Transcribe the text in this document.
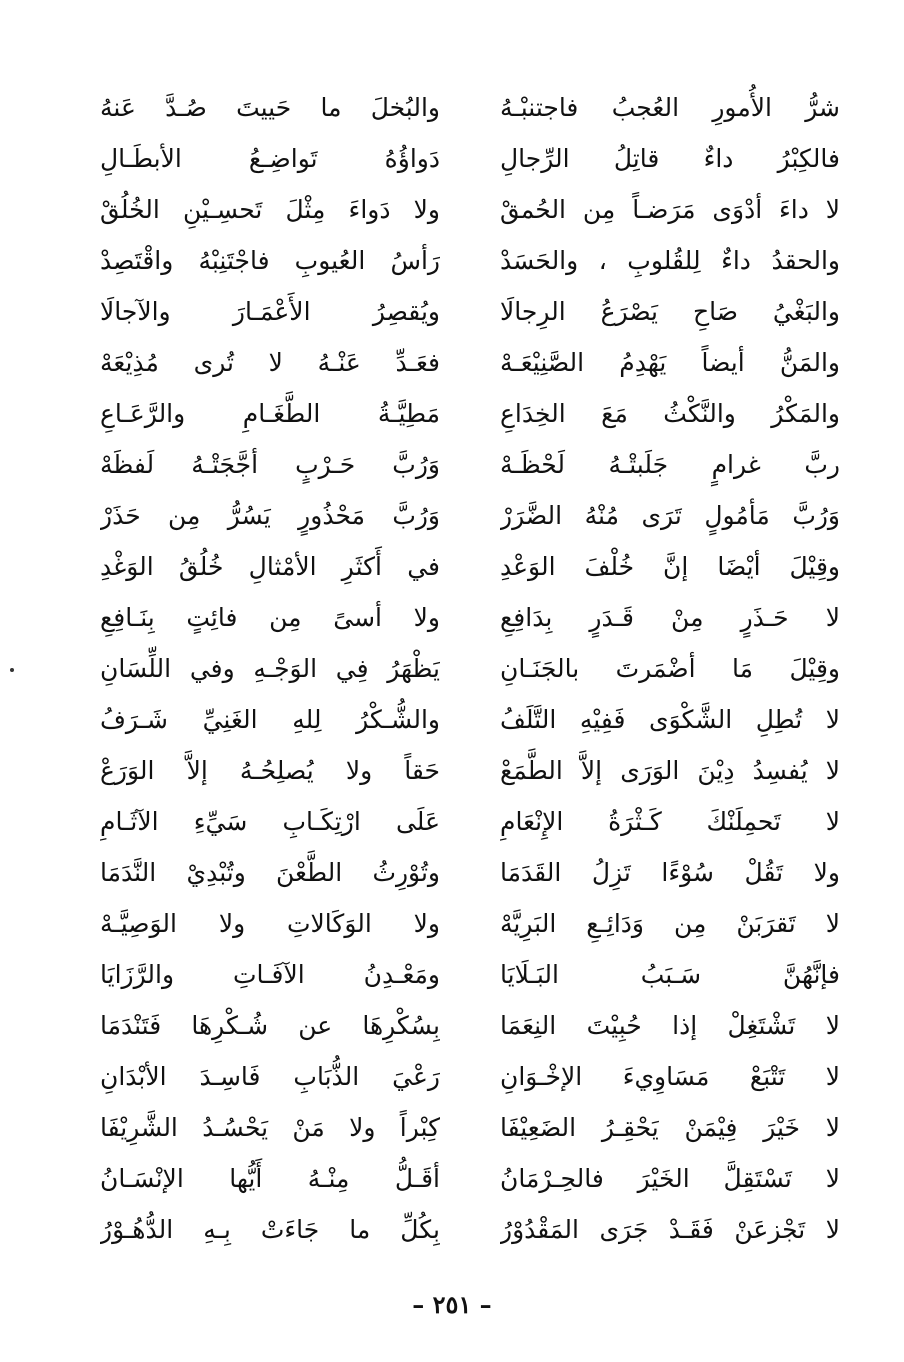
شرُّ الأُمورِ العُجبُ فاجتنبْـهُ
والبُخلَ ما حَييتَ صُـدَّ عَنهُ
فالكِبْرُ داءٌ قاتِلُ الرِّجالِ
دَواؤُهُ تَواضِـعُ الأبطَـالِ
لا داءَ أدْوَى مَرَضـاً مِن الحُمقْ
ولا دَواءَ مِثْلَ تَحسِـيْنِ الخُلُقْ
والحقدُ داءٌ لِلقُلوبِ ، والحَسَدْ
رَأسُ العُيوبِ فاجْتَنِبْهُ واقْتَصِدْ
والبَغْيُ صَاحِ يَصْرَعُ الرِجالَا
ويُقصِرُ الأَعْمَـارَ والآجالَا
والمَنُّ أيضاً يَهْدِمُ الصَّنِيْعَـهْ
فعَـدِّ عَنْـهُ لا تُرى مُذِيْعَهْ
والمَكْرُ والنَّكْثُ مَعَ الخِدَاعِ
مَطِيَّـةُ الطَّغَـامِ والرَّعَـاعِ
ربَّ غرامٍ جَلَبتْـهُ لَحْظَـهْ
وَرُبَّ حَـرْبٍ أجَّجَتْـهُ لَفظَهْ
وَرُبَّ مَأمُولٍ تَرَى مُنْهُ الضَّرَرْ
وَرُبَّ مَحْذُورٍ يَسُرُّ مِن حَذَرْ
وقِيْلَ أيْضَا إنَّ خُلْفَ الوَعْدِ
في أَكثَرِ الأمْثالِ خُلُقُ الوَغْدِ
لا حَـذَرٍ مِنْ قَـدَرٍ بِدَافِعِ
ولا أسىً مِن فائِتٍ بِنَـافِعِ
وقِيْلَ مَا أضْمَرتَ بالجَنَـانِ
يَظْهَرُ فِي الوَجْـهِ وفي اللِّسَانِ
لا تُطِلِ الشَّكْوَى فَفِيْهِ التَّلَفُ
والشُّـكْرُ لِلهِ الغَنِيِّ شَـرَفُ
لا يُفسِدُ دِيْنَ الوَرَى إلاَّ الطَّمَعْ
حَقاً ولا يُصلِحُـهُ إلاَّ الوَرَعْ
لا تَحمِلَنْكَ كَـثْرَةُ الإِنْعَامِ
عَلَى ارْتِكَـابِ سَيِّءِ الآثَـامِ
ولا تَقُلْ سُوْءًا تَزِلُ القَدَمَا
وتُوْرِثُ الطَّعْنَ وتُبْدِيْ النَّدَمَا
لا تَقرَبَنْ مِن وَدَائِـعِ البَرِيَّهْ
ولا الوَكَالاتِ ولا الوَصِيَّـهْ
فإنَّهُنَّ سَـبَبُ البَـلَايَا
ومَعْـدِنُ الآفَـاتِ والرَّزَايَا
لا تَشْتَغِلْ إذا حُبِيْتَ النِعَمَا
بِسُكْرِهَا عن شُـكْرِهَا فَتَنْدَمَا
لا تَتْبَعْ مَسَاوِيءَ الإخْـوَانِ
رَعْيَ الذُّبَابِ فَاسِـدَ الأبْدَانِ
لا خَيْرَ فِيْمَنْ يَحْقِـرُ الضَعِيْفَا
كِبْراً ولا مَنْ يَحْسُـدُ الشَّرِيْفَا
لا تَسْتَقِلَّ الخَيْرَ فالحِـرْمَانُ
أقَـلُّ مِنْـهُ أَيُّها الإنْسَـانُ
لا تَجْزعَنْ فَقَـدْ جَرَى المَقْدُوْرُ
بِكُلِّ ما جَاءَتْ بِـهِ الدُّهُـوْرُ
– ٢٥١ –
